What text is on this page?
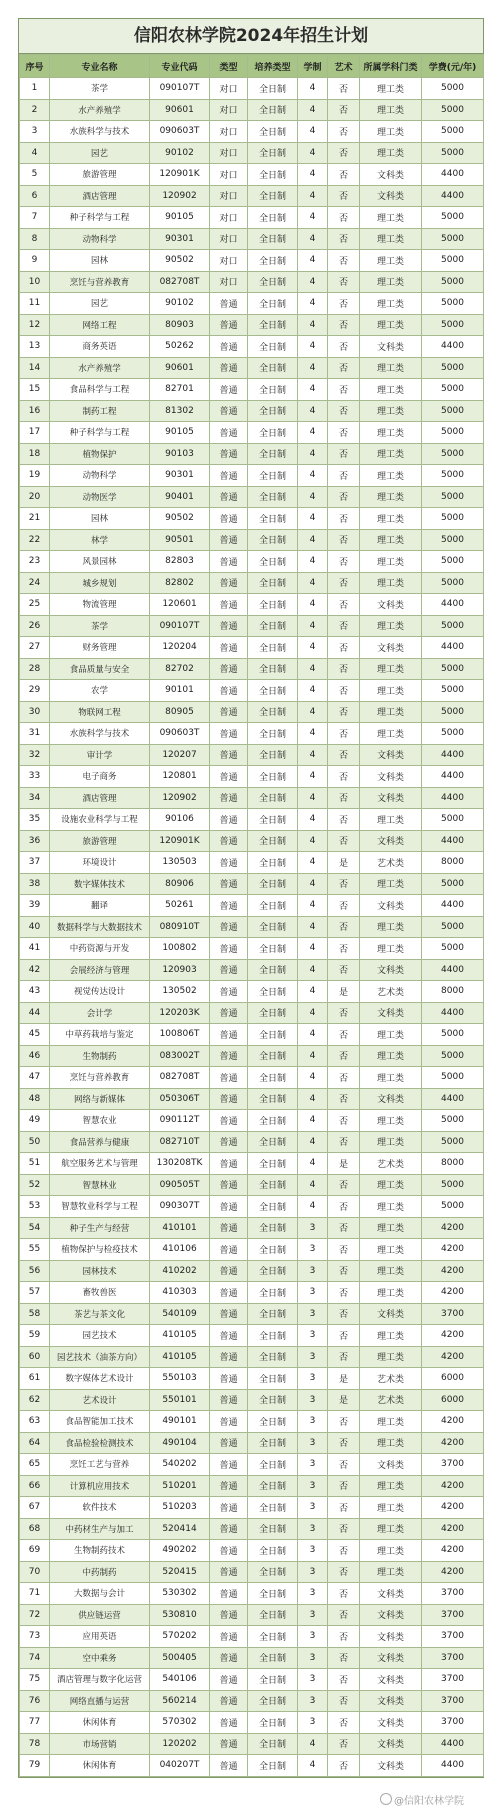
信阳农林学院2024年招生计划
序号	专业名称	专业代码	类型	培养类型	学制	艺术	所属学科门类	学费(元/年)
1	茶学	090107T	对口	全日制	4	否	理工类	5000
2	水产养殖学	90601	对口	全日制	4	否	理工类	5000
3	水族科学与技术	090603T	对口	全日制	4	否	理工类	5000
4	园艺	90102	对口	全日制	4	否	理工类	5000
5	旅游管理	120901K	对口	全日制	4	否	文科类	4400
6	酒店管理	120902	对口	全日制	4	否	文科类	4400
7	种子科学与工程	90105	对口	全日制	4	否	理工类	5000
8	动物科学	90301	对口	全日制	4	否	理工类	5000
9	园林	90502	对口	全日制	4	否	理工类	5000
10	烹饪与营养教育	082708T	对口	全日制	4	否	理工类	5000
11	园艺	90102	普通	全日制	4	否	理工类	5000
12	网络工程	80903	普通	全日制	4	否	理工类	5000
13	商务英语	50262	普通	全日制	4	否	文科类	4400
14	水产养殖学	90601	普通	全日制	4	否	理工类	5000
15	食品科学与工程	82701	普通	全日制	4	否	理工类	5000
16	制药工程	81302	普通	全日制	4	否	理工类	5000
17	种子科学与工程	90105	普通	全日制	4	否	理工类	5000
18	植物保护	90103	普通	全日制	4	否	理工类	5000
19	动物科学	90301	普通	全日制	4	否	理工类	5000
20	动物医学	90401	普通	全日制	4	否	理工类	5000
21	园林	90502	普通	全日制	4	否	理工类	5000
22	林学	90501	普通	全日制	4	否	理工类	5000
23	风景园林	82803	普通	全日制	4	否	理工类	5000
24	城乡规划	82802	普通	全日制	4	否	理工类	5000
25	物流管理	120601	普通	全日制	4	否	文科类	4400
26	茶学	090107T	普通	全日制	4	否	理工类	5000
27	财务管理	120204	普通	全日制	4	否	文科类	4400
28	食品质量与安全	82702	普通	全日制	4	否	理工类	5000
29	农学	90101	普通	全日制	4	否	理工类	5000
30	物联网工程	80905	普通	全日制	4	否	理工类	5000
31	水族科学与技术	090603T	普通	全日制	4	否	理工类	5000
32	审计学	120207	普通	全日制	4	否	文科类	4400
33	电子商务	120801	普通	全日制	4	否	文科类	4400
34	酒店管理	120902	普通	全日制	4	否	文科类	4400
35	设施农业科学与工程	90106	普通	全日制	4	否	理工类	5000
36	旅游管理	120901K	普通	全日制	4	否	文科类	4400
37	环境设计	130503	普通	全日制	4	是	艺术类	8000
38	数字媒体技术	80906	普通	全日制	4	否	理工类	5000
39	翻译	50261	普通	全日制	4	否	文科类	4400
40	数据科学与大数据技术	080910T	普通	全日制	4	否	理工类	5000
41	中药资源与开发	100802	普通	全日制	4	否	理工类	5000
42	会展经济与管理	120903	普通	全日制	4	否	文科类	4400
43	视觉传达设计	130502	普通	全日制	4	是	艺术类	8000
44	会计学	120203K	普通	全日制	4	否	文科类	4400
45	中草药栽培与鉴定	100806T	普通	全日制	4	否	理工类	5000
46	生物制药	083002T	普通	全日制	4	否	理工类	5000
47	烹饪与营养教育	082708T	普通	全日制	4	否	理工类	5000
48	网络与新媒体	050306T	普通	全日制	4	否	文科类	4400
49	智慧农业	090112T	普通	全日制	4	否	理工类	5000
50	食品营养与健康	082710T	普通	全日制	4	否	理工类	5000
51	航空服务艺术与管理	130208TK	普通	全日制	4	是	艺术类	8000
52	智慧林业	090505T	普通	全日制	4	否	理工类	5000
53	智慧牧业科学与工程	090307T	普通	全日制	4	否	理工类	5000
54	种子生产与经营	410101	普通	全日制	3	否	理工类	4200
55	植物保护与检疫技术	410106	普通	全日制	3	否	理工类	4200
56	园林技术	410202	普通	全日制	3	否	理工类	4200
57	畜牧兽医	410303	普通	全日制	3	否	理工类	4200
58	茶艺与茶文化	540109	普通	全日制	3	否	文科类	3700
59	园艺技术	410105	普通	全日制	3	否	理工类	4200
60	园艺技术（油茶方向）	410105	普通	全日制	3	否	理工类	4200
61	数字媒体艺术设计	550103	普通	全日制	3	是	艺术类	6000
62	艺术设计	550101	普通	全日制	3	是	艺术类	6000
63	食品智能加工技术	490101	普通	全日制	3	否	理工类	4200
64	食品检验检测技术	490104	普通	全日制	3	否	理工类	4200
65	烹饪工艺与营养	540202	普通	全日制	3	否	文科类	3700
66	计算机应用技术	510201	普通	全日制	3	否	理工类	4200
67	软件技术	510203	普通	全日制	3	否	理工类	4200
68	中药材生产与加工	520414	普通	全日制	3	否	理工类	4200
69	生物制药技术	490202	普通	全日制	3	否	理工类	4200
70	中药制药	520415	普通	全日制	3	否	理工类	4200
71	大数据与会计	530302	普通	全日制	3	否	文科类	3700
72	供应链运营	530810	普通	全日制	3	否	文科类	3700
73	应用英语	570202	普通	全日制	3	否	文科类	3700
74	空中乘务	500405	普通	全日制	3	否	文科类	3700
75	酒店管理与数字化运营	540106	普通	全日制	3	否	文科类	3700
76	网络直播与运营	560214	普通	全日制	3	否	文科类	3700
77	休闲体育	570302	普通	全日制	3	否	文科类	3700
78	市场营销	120202	普通	全日制	4	否	文科类	4400
79	休闲体育	040207T	普通	全日制	4	否	文科类	4400
@信阳农林学院
